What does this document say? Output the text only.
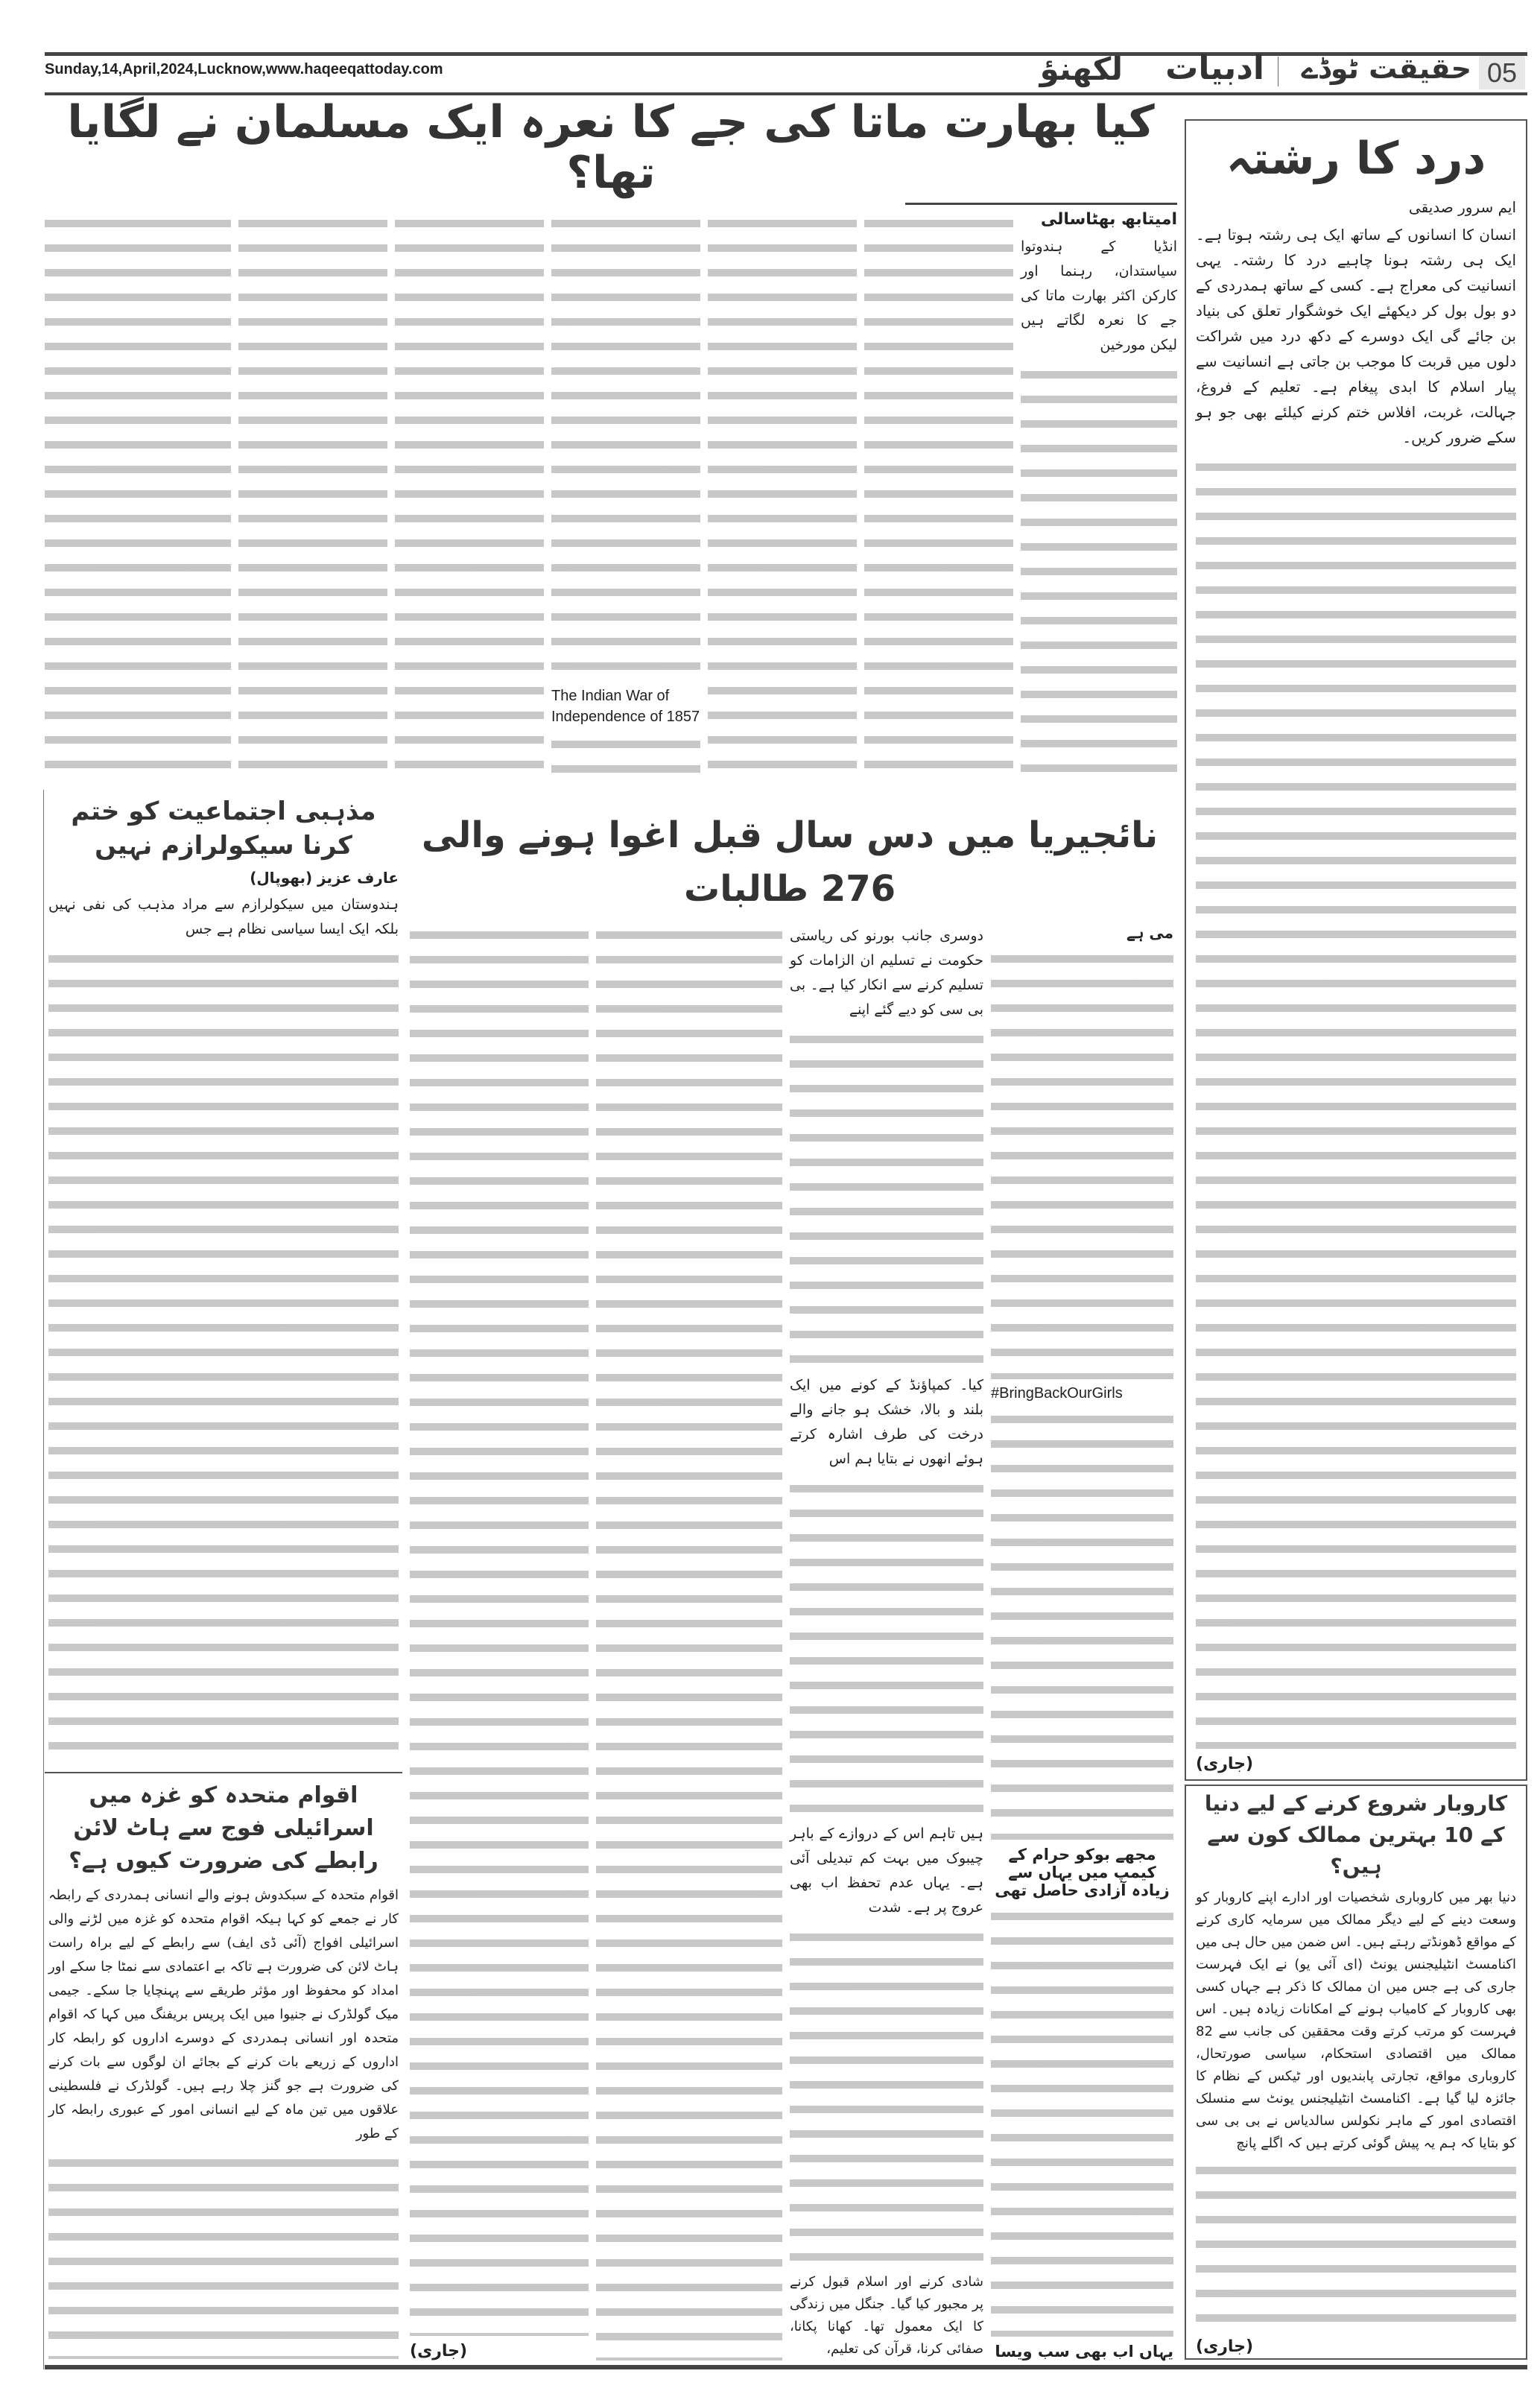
Sunday,14,April,2024,Lucknow,www.haqeeqattoday.com	لکھنؤ ادبیات حقیقت ٹوڈے 05
کیا بھارت ماتا کی جے کا نعرہ ایک مسلمان نے لگایا تھا؟
امیتابھ بھٹاسالی
انڈیا کے ہندوتوا سیاستدان، رہنما اور کارکن اکثر بھارت ماتا کی جے کا نعرہ لگاتے ہیں لیکن مورخین
The Indian War of Independence of 1857
درد کا رشتہ
ایم سرور صدیقی
انسان کا انسانوں کے ساتھ ایک ہی رشتہ ہوتا ہے۔ ایک ہی رشتہ ہونا چاہیے درد کا رشتہ۔ یہی انسانیت کی معراج ہے۔ کسی کے ساتھ ہمدردی کے دو بول بول کر دیکھئے ایک خوشگوار تعلق کی بنیاد بن جائے گی ایک دوسرے کے دکھ درد میں شراکت دلوں میں قربت کا موجب بن جاتی ہے انسانیت سے پیار اسلام کا ابدی پیغام ہے۔ تعلیم کے فروغ، جہالت، غربت، افلاس ختم کرنے کیلئے بھی جو ہو سکے ضرور کریں۔
(جاری)
مذہبی اجتماعیت کو ختم کرنا سیکولرازم نہیں
عارف عزیز (بھوپال)
ہندوستان میں سیکولرازم سے مراد مذہب کی نفی نہیں بلکہ ایک ایسا سیاسی نظام ہے جس
اقوام متحدہ کو غزہ میں اسرائیلی فوج سے ہاٹ لائن رابطے کی ضرورت کیوں ہے؟
اقوام متحدہ کے سبکدوش ہونے والے انسانی ہمدردی کے رابطہ کار نے جمعے کو کہا ہیکہ اقوام متحدہ کو غزہ میں لڑنے والی اسرائیلی افواج (آئی ڈی ایف) سے رابطے کے لیے براہ راست ہاٹ لائن کی ضرورت ہے تاکہ بے اعتمادی سے نمٹا جا سکے اور امداد کو محفوظ اور مؤثر طریقے سے پہنچایا جا سکے۔ جیمی میک گولڈرک نے جنیوا میں ایک پریس بریفنگ میں کہا کہ اقوام متحدہ اور انسانی ہمدردی کے دوسرے اداروں کو رابطہ کار اداروں کے زریعے بات کرنے کے بجائے ان لوگوں سے بات کرنے کی ضرورت ہے جو گنز چلا رہے ہیں۔ گولڈرک نے فلسطینی علاقوں میں تین ماہ کے لیے انسانی امور کے عبوری رابطہ کار کے طور
نائجیریا میں دس سال قبل اغوا ہونے والی 276 طالبات
می ہے
#BringBackOurGirls
مجھے بوکو حرام کے کیمپ میں یہاں سے زیادہ آزادی حاصل تھی
یہاں اب بھی سب ویسا
دوسری جانب بورنو کی ریاستی حکومت نے تسلیم ان الزامات کو تسلیم کرنے سے انکار کیا ہے۔ بی بی سی کو دیے گئے اپنے
کیا۔ کمپاؤنڈ کے کونے میں ایک بلند و بالا، خشک ہو جانے والے درخت کی طرف اشارہ کرتے ہوئے انھوں نے بتایا ہم اس
ہیں تاہم اس کے دروازے کے باہر چیبوک میں بہت کم تبدیلی آئی ہے۔ یہاں عدم تحفظ اب بھی عروج پر ہے۔ شدت
شادی کرنے اور اسلام قبول کرنے پر مجبور کیا گیا۔ جنگل میں زندگی کا ایک معمول تھا۔ کھانا پکانا، صفائی کرنا، قرآن کی تعلیم،
(جاری)
کاروبار شروع کرنے کے لیے دنیا کے 10 بہترین ممالک کون سے ہیں؟
دنیا بھر میں کاروباری شخصیات اور ادارے اپنے کاروبار کو وسعت دینے کے لیے دیگر ممالک میں سرمایہ کاری کرنے کے مواقع ڈھونڈتے رہتے ہیں۔ اس ضمن میں حال ہی میں اکنامسٹ انٹیلیجنس یونٹ (ای آئی یو) نے ایک فہرست جاری کی ہے جس میں ان ممالک کا ذکر ہے جہاں کسی بھی کاروبار کے کامیاب ہونے کے امکانات زیادہ ہیں۔ اس فہرست کو مرتب کرتے وقت محققین کی جانب سے 82 ممالک میں اقتصادی استحکام، سیاسی صورتحال، کاروباری مواقع، تجارتی پابندیوں اور ٹیکس کے نظام کا جائزہ لیا گیا ہے۔ اکنامسٹ انٹیلیجنس یونٹ سے منسلک اقتصادی امور کے ماہر نکولس سالدیاس نے بی بی سی کو بتایا کہ ہم یہ پیش گوئی کرتے ہیں کہ اگلے پانچ
(جاری)
